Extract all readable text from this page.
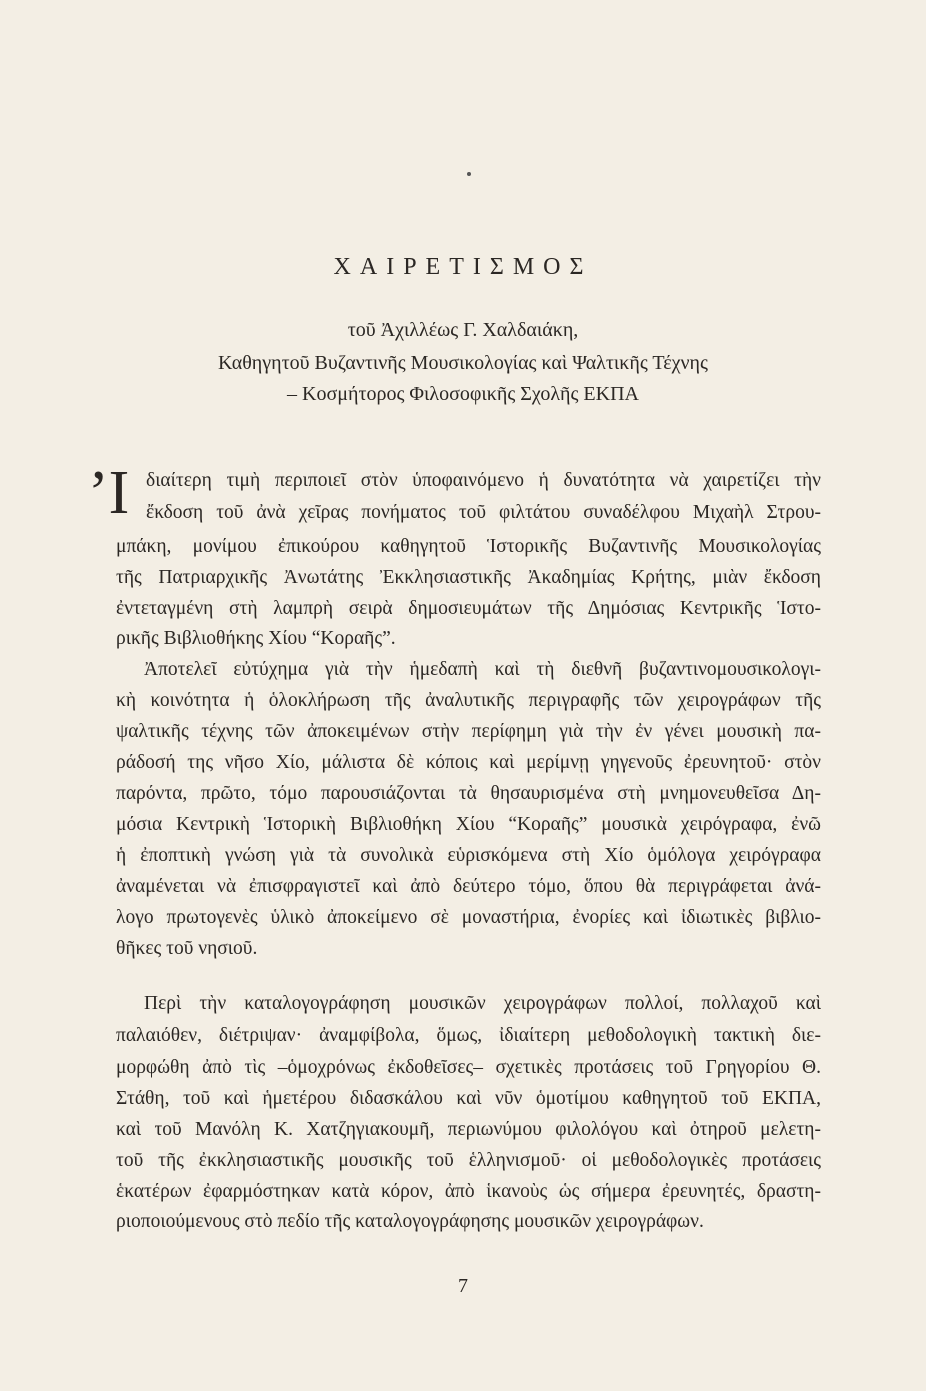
ΧΑΙΡΕΤΙΣΜΟΣ
τοῦ Ἀχιλλέως Γ. Χαλδαιάκη,
Καθηγητοῦ Βυζαντινῆς Μουσικολογίας καὶ Ψαλτικῆς Τέχνης
– Κοσμήτορος Φιλοσοφικῆς Σχολῆς ΕΚΠΑ
’Ι διαίτερη τιμὴ περιποιεῖ στὸν ὑποφαινόμενο ἡ δυνατότητα νὰ χαιρετίζει τὴν
ἔκδοση τοῦ ἀνὰ χεῖρας πονήματος τοῦ φιλτάτου συναδέλφου Μιχαὴλ Στρου-
μπάκη, μονίμου ἐπικούρου καθηγητοῦ Ἱστορικῆς Βυζαντινῆς Μουσικολογίας
τῆς Πατριαρχικῆς Ἀνωτάτης Ἐκκλησιαστικῆς Ἀκαδημίας Κρήτης, μιὰν ἔκδοση
ἐντεταγμένη στὴ λαμπρὴ σειρὰ δημοσιευμάτων τῆς Δημόσιας Κεντρικῆς Ἱστο-
ρικῆς Βιβλιοθήκης Χίου “Κοραῆς”.
Ἀποτελεῖ εὐτύχημα γιὰ τὴν ἡμεδαπὴ καὶ τὴ διεθνῆ βυζαντινομουσικολογι-
κὴ κοινότητα ἡ ὁλοκλήρωση τῆς ἀναλυτικῆς περιγραφῆς τῶν χειρογράφων τῆς
ψαλτικῆς τέχνης τῶν ἀποκειμένων στὴν περίφημη γιὰ τὴν ἐν γένει μουσικὴ πα-
ράδοσή της νῆσο Χίο, μάλιστα δὲ κόποις καὶ μερίμνῃ γηγενοῦς ἐρευνητοῦ· στὸν
παρόντα, πρῶτο, τόμο παρουσιάζονται τὰ θησαυρισμένα στὴ μνημονευθεῖσα Δη-
μόσια Κεντρικὴ Ἱστορικὴ Βιβλιοθήκη Χίου “Κοραῆς” μουσικὰ χειρόγραφα, ἐνῶ
ἡ ἐποπτικὴ γνώση γιὰ τὰ συνολικὰ εὑρισκόμενα στὴ Χίο ὁμόλογα χειρόγραφα
ἀναμένεται νὰ ἐπισφραγιστεῖ καὶ ἀπὸ δεύτερο τόμο, ὅπου θὰ περιγράφεται ἀνά-
λογο πρωτογενὲς ὑλικὸ ἀποκείμενο σὲ μοναστήρια, ἐνορίες καὶ ἰδιωτικὲς βιβλιο-
θῆκες τοῦ νησιοῦ.
Περὶ τὴν καταλογογράφηση μουσικῶν χειρογράφων πολλοί, πολλαχοῦ καὶ
παλαιόθεν, διέτριψαν· ἀναμφίβολα, ὅμως, ἰδιαίτερη μεθοδολογικὴ τακτικὴ διε-
μορφώθη ἀπὸ τὶς –ὁμοχρόνως ἐκδοθεῖσες– σχετικὲς προτάσεις τοῦ Γρηγορίου Θ.
Στάθη, τοῦ καὶ ἡμετέρου διδασκάλου καὶ νῦν ὁμοτίμου καθηγητοῦ τοῦ ΕΚΠΑ,
καὶ τοῦ Μανόλη Κ. Χατζηγιακουμῆ, περιωνύμου φιλολόγου καὶ ὀτηροῦ μελετη-
τοῦ τῆς ἐκκλησιαστικῆς μουσικῆς τοῦ ἑλληνισμοῦ· οἱ μεθοδολογικὲς προτάσεις
ἑκατέρων ἐφαρμόστηκαν κατὰ κόρον, ἀπὸ ἱκανοὺς ὡς σήμερα ἐρευνητές, δραστη-
ριοποιούμενους στὸ πεδίο τῆς καταλογογράφησης μουσικῶν χειρογράφων.
7
